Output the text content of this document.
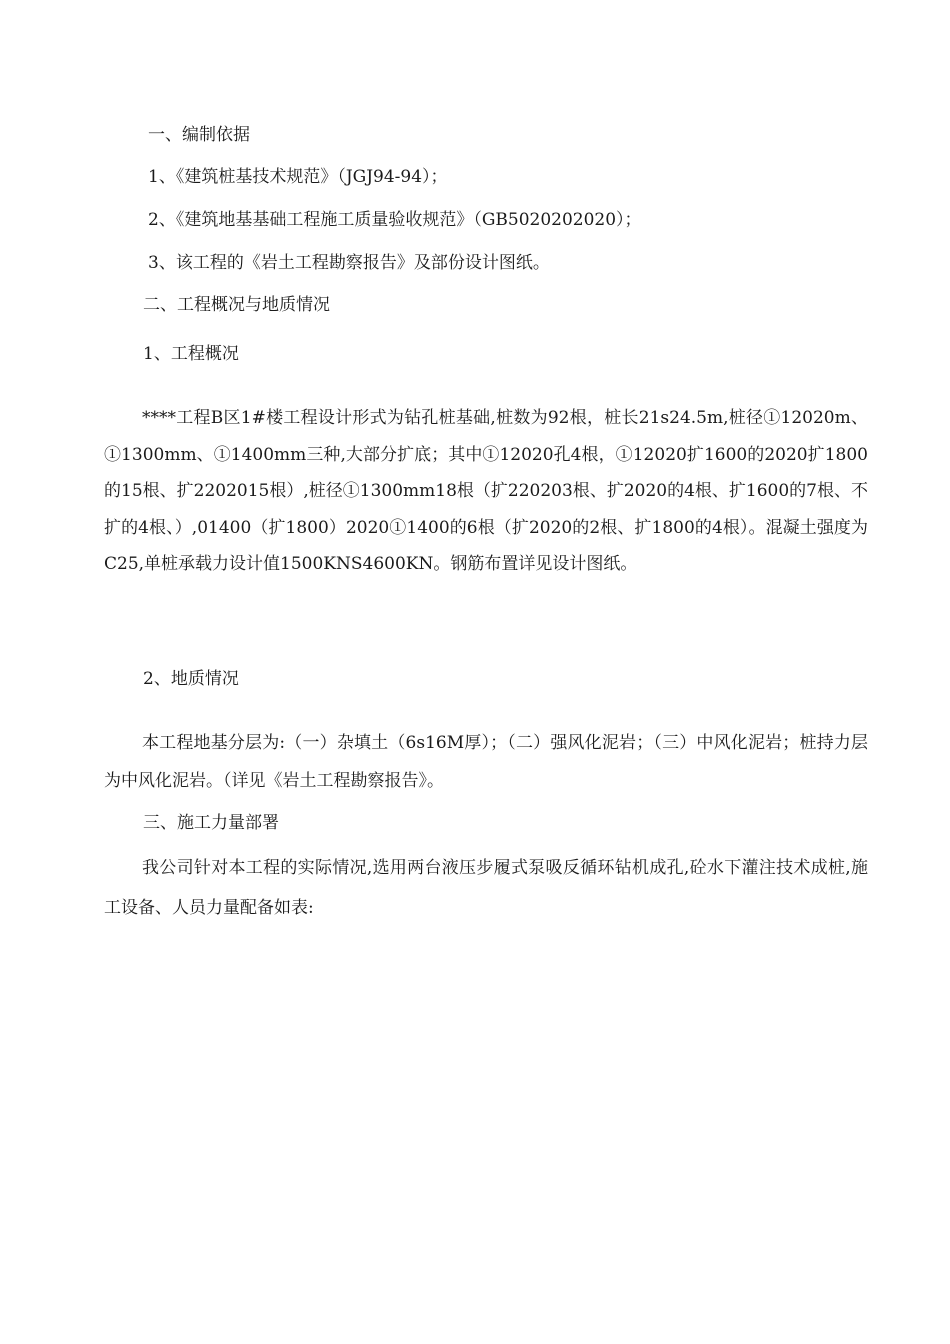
一、编制依据
1、《建筑桩基技术规范》（JGJ94-94）；
2、《建筑地基基础工程施工质量验收规范》（GB5020202020）；
3、该工程的《岩土工程勘察报告》及部份设计图纸。
二、工程概况与地质情况
1、工程概况
****工程B区1#楼工程设计形式为钻孔桩基础,桩数为92根，桩长21s24.5m,桩径①12020m、①1300mm、①1400mm三种,大部分扩底；其中①12020孔4根，①12020扩1600的2020扩1800的15根、扩2202015根）,桩径①1300mm18根（扩220203根、扩2020的4根、扩1600的7根、不扩的4根、）,01400（扩1800）2020①1400的6根（扩2020的2根、扩1800的4根）。混凝土强度为C25,单桩承载力设计值1500KNS4600KN。钢筋布置详见设计图纸。
2、地质情况
本工程地基分层为:（一）杂填土（6s16M厚）；（二）强风化泥岩；（三）中风化泥岩；桩持力层为中风化泥岩。（详见《岩土工程勘察报告》。
三、施工力量部署
我公司针对本工程的实际情况,选用两台液压步履式泵吸反循环钻机成孔,砼水下灌注技术成桩,施工设备、人员力量配备如表:
